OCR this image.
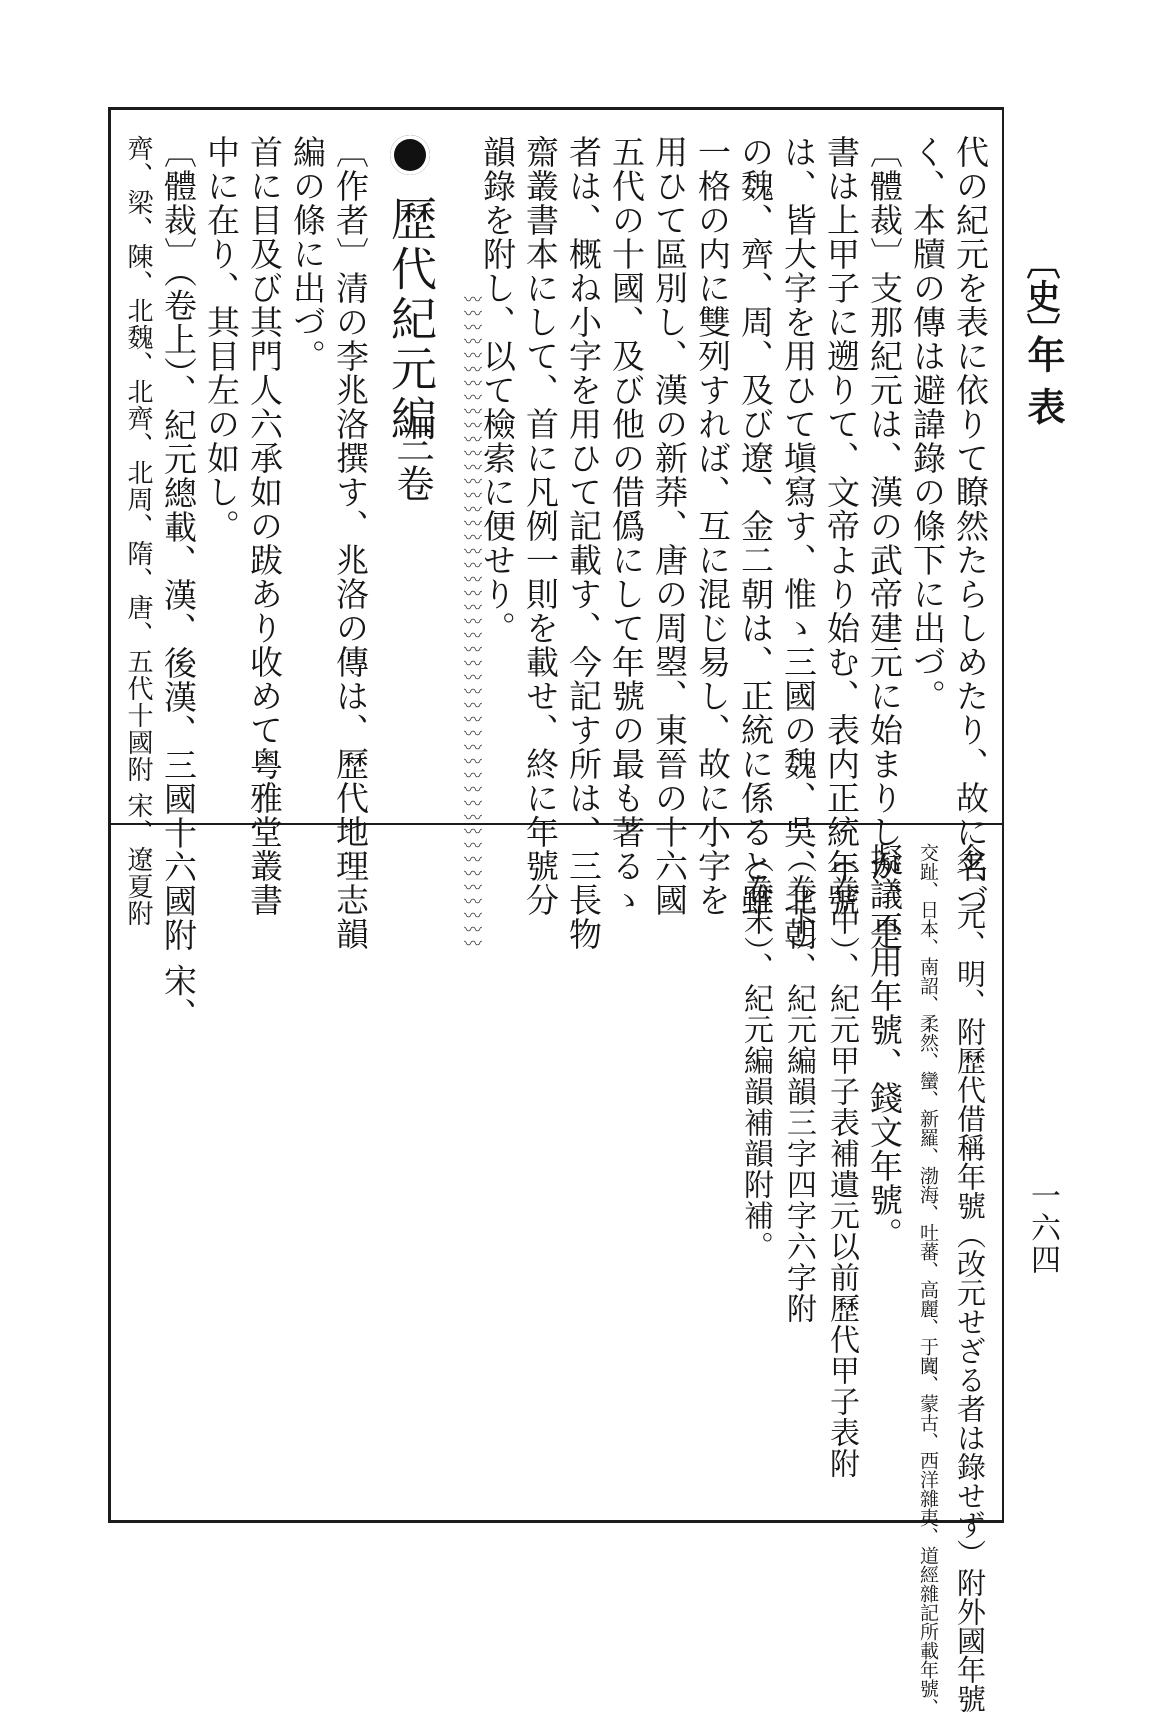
〔史〕
年表
一六四
代の紀元を表に依りて瞭然たらしめたり、故に名づ
く、本牘の傳は避諱錄の條下に出づ。
〔體裁〕支那紀元は、漢の武帝建元に始まりしが、是
書は上甲子に遡りて、文帝より始む、表内正統年號
は、皆大字を用ひて塡寫す、惟ゝ三國の魏、吳、北朝
の魏、齊、周、及び遼、金二朝は、正統に係ると雖
一格の内に雙列すれば、互に混じ易し、故に小字を
用ひて區別し、漢の新莽、唐の周曌、東晉の十六國
五代の十國、及び他の借僞にして年號の最も著るゝ
者は、概ね小字を用ひて記載す、今記す所は、三長物
齋叢書本にして、首に凡例一則を載せ、終に年號分
韻錄を附し、以て檢索に便せり。
〰〰〰〰〰〰〰〰〰〰〰〰〰〰〰〰〰〰〰〰〰〰〰〰〰〰〰〰〰〰〰〰〰〰〰〰〰〰〰〰〰〰〰〰〰〰〰
歷代紀元編
三卷
〔作者〕清の李兆洛撰す、兆洛の傳は、歷代地理志韻
編の條に出づ。
首に目及び其門人六承如の跋あり收めて粤雅堂叢書
中に在り、其目左の如し。
〔體裁〕（卷上）、紀元總載、漢、後漢、三國十六國附 宋、
齊、梁、陳、北魏、北齊、北周、隋、唐、五代十國附 宋、遼夏附
金、元、明、附歷代借稱年號（改元せざる者は錄せず）附外國年號
交趾、日本、南詔、柔然、蠻、新羅、渤海、吐蕃、高麗、于闐、蒙古、西洋雜夷、道經雜記所載年號、
擬議不用年號、錢文年號。
（卷中）、紀元甲子表補遺元以前歷代甲子表附
（卷下）、紀元編韻三字四字六字附
（卷末）、紀元編韻補韻附補。
